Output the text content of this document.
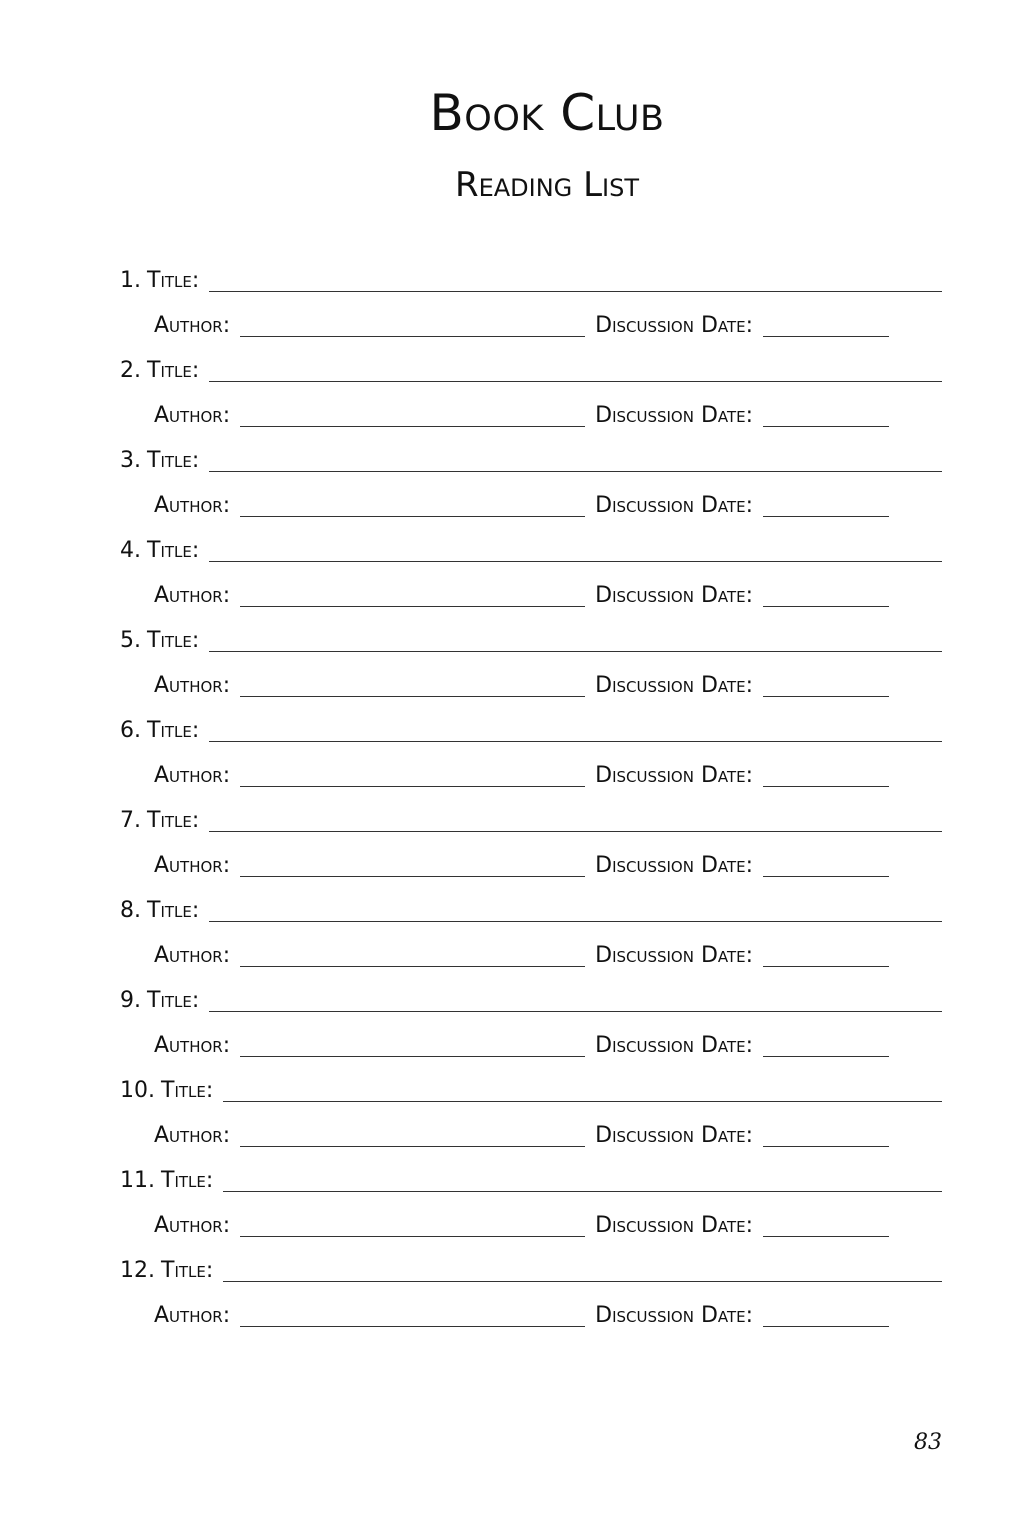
Book Club
Reading List
1. Title:
Author:	Discussion Date:
2. Title:
Author:	Discussion Date:
3. Title:
Author:	Discussion Date:
4. Title:
Author:	Discussion Date:
5. Title:
Author:	Discussion Date:
6. Title:
Author:	Discussion Date:
7. Title:
Author:	Discussion Date:
8. Title:
Author:	Discussion Date:
9. Title:
Author:	Discussion Date:
10. Title:
Author:	Discussion Date:
11. Title:
Author:	Discussion Date:
12. Title:
Author:	Discussion Date:
83
